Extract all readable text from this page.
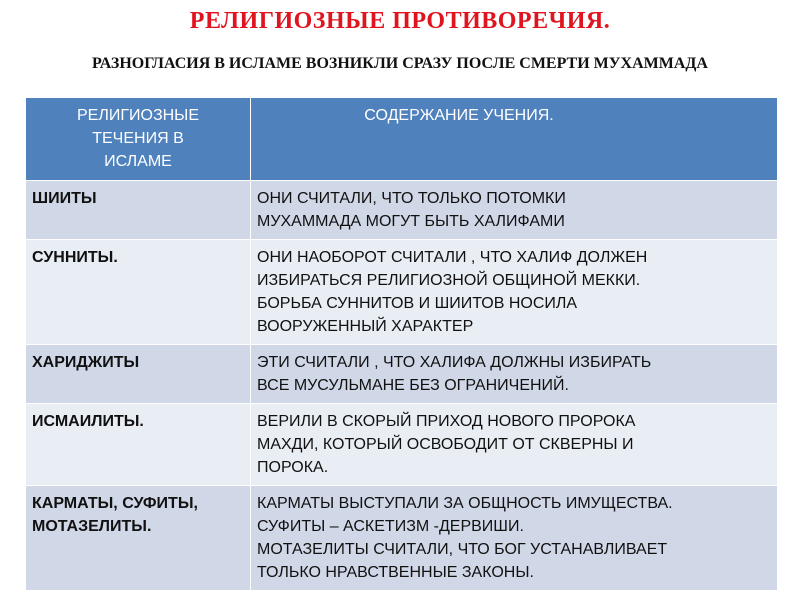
РЕЛИГИОЗНЫЕ ПРОТИВОРЕЧИЯ.
РАЗНОГЛАСИЯ В ИСЛАМЕ ВОЗНИКЛИ СРАЗУ ПОСЛЕ СМЕРТИ МУХАММАДА
РЕЛИГИОЗНЫЕ
ТЕЧЕНИЯ В
ИСЛАМЕ	СОДЕРЖАНИЕ УЧЕНИЯ.

ШИИТЫ	ОНИ СЧИТАЛИ, ЧТО ТОЛЬКО ПОТОМКИ
МУХАММАДА МОГУТ БЫТЬ ХАЛИФАМИ

СУННИТЫ.	ОНИ НАОБОРОТ СЧИТАЛИ , ЧТО ХАЛИФ ДОЛЖЕН
ИЗБИРАТЬСЯ РЕЛИГИОЗНОЙ ОБЩИНОЙ МЕККИ.
БОРЬБА СУННИТОВ И ШИИТОВ НОСИЛА
ВООРУЖЕННЫЙ ХАРАКТЕР

ХАРИДЖИТЫ	ЭТИ СЧИТАЛИ , ЧТО ХАЛИФА ДОЛЖНЫ ИЗБИРАТЬ
ВСЕ МУСУЛЬМАНЕ БЕЗ ОГРАНИЧЕНИЙ.

ИСМАИЛИТЫ.	ВЕРИЛИ В СКОРЫЙ ПРИХОД НОВОГО ПРОРОКА
МАХДИ, КОТОРЫЙ ОСВОБОДИТ ОТ СКВЕРНЫ И
ПОРОКА.

КАРМАТЫ, СУФИТЫ,
МОТАЗЕЛИТЫ.	КАРМАТЫ ВЫСТУПАЛИ ЗА ОБЩНОСТЬ ИМУЩЕСТВА.
СУФИТЫ – АСКЕТИЗМ -ДЕРВИШИ.
МОТАЗЕЛИТЫ СЧИТАЛИ, ЧТО БОГ УСТАНАВЛИВАЕТ
ТОЛЬКО НРАВСТВЕННЫЕ ЗАКОНЫ.
